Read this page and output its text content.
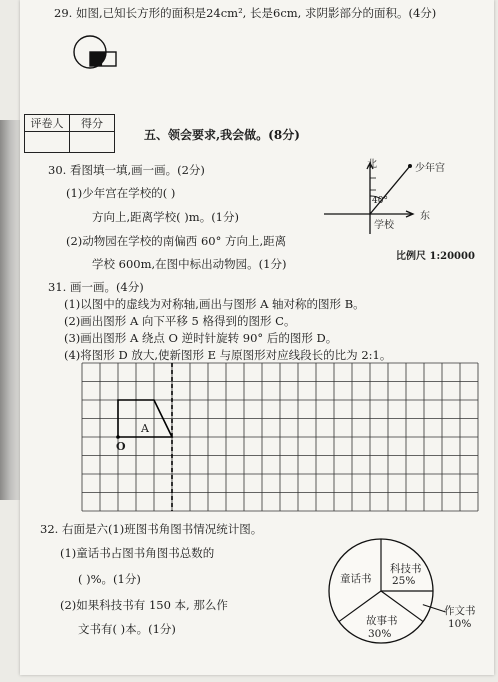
29. 如图,已知长方形的面积是24cm², 长是6cm, 求阴影部分的面积。(4分)
评卷人	得分

五、领会要求,我会做。(8分)
30. 看图填一填,画一画。(2分)
(1)少年宫在学校的( )
方向上,距离学校( )m。(1分)
(2)动物园在学校的南偏西 60° 方向上,距离
学校 600m,在图中标出动物园。(1分)
北
东
少年宫
40°
学校
比例尺 1:20000
31. 画一画。(4分)
(1)以图中的虚线为对称轴,画出与图形 A 轴对称的图形 B。
(2)画出图形 A 向下平移 5 格得到的图形 C。
(3)画出图形 A 绕点 O 逆时针旋转 90° 后的图形 D。
(4)将图形 D 放大,使新图形 E 与原图形对应线段长的比为 2:1。
A
O
32. 右面是六(1)班图书角图书情况统计图。
(1)童话书占图书角图书总数的
( )%。(1分)
(2)如果科技书有 150 本, 那么作
文书有( )本。(1分)
童话书
科技书
25%
故事书
30%
作文书
10%
